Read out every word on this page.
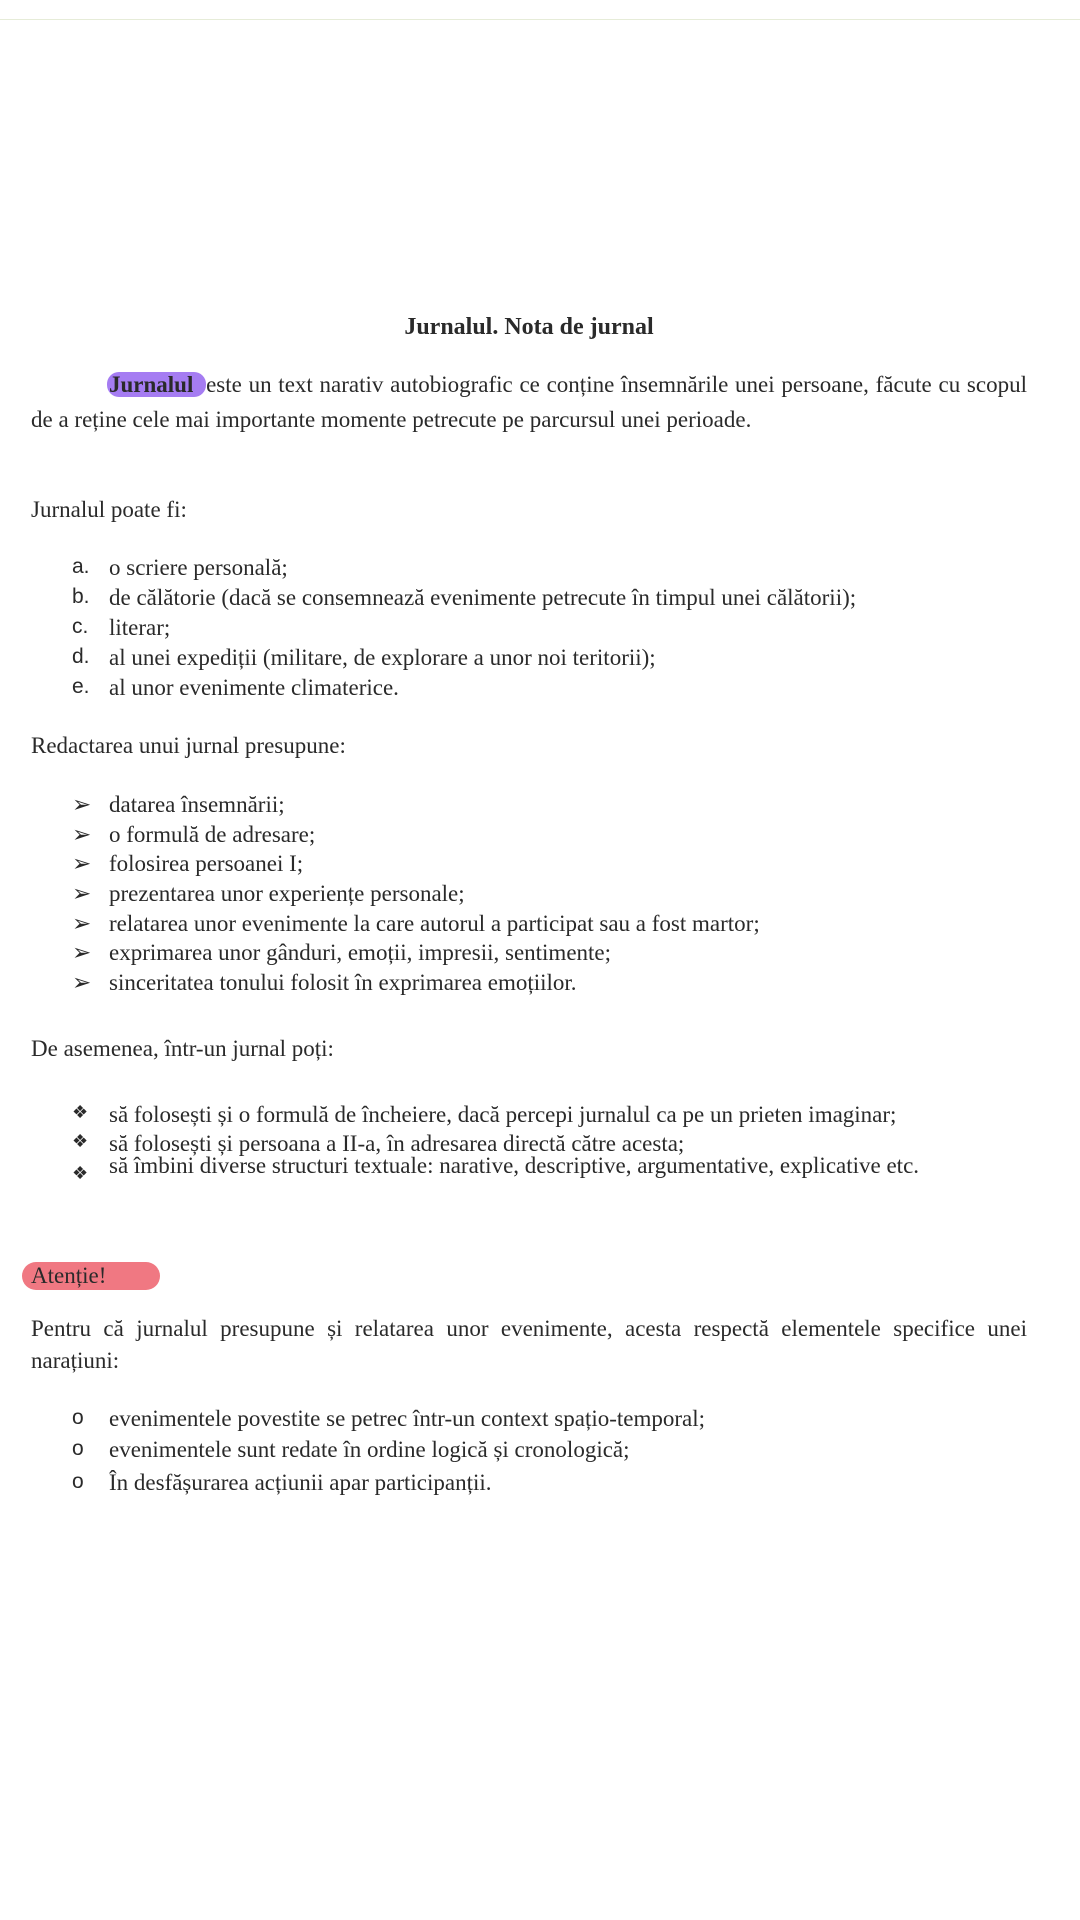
Jurnalul. Nota de jurnal
Jurnalul este un text narativ autobiografic ce conține însemnările unei persoane, făcute cu scopul de a reține cele mai importante momente petrecute pe parcursul unei perioade.
Jurnalul poate fi:
a. o scriere personală;
b. de călătorie (dacă se consemnează evenimente petrecute în timpul unei călătorii);
c. literar;
d. al unei expediții (militare, de explorare a unor noi teritorii);
e. al unor evenimente climaterice.
Redactarea unui jurnal presupune:
➢ datarea însemnării;
➢ o formulă de adresare;
➢ folosirea persoanei I;
➢ prezentarea unor experiențe personale;
➢ relatarea unor evenimente la care autorul a participat sau a fost martor;
➢ exprimarea unor gânduri, emoții, impresii, sentimente;
➢ sinceritatea tonului folosit în exprimarea emoțiilor.
De asemenea, într-un jurnal poți:
❖ să folosești și o formulă de încheiere, dacă percepi jurnalul ca pe un prieten imaginar;
❖ să folosești și persoana a II-a, în adresarea directă către acesta;
❖ să îmbini diverse structuri textuale: narative, descriptive, argumentative, explicative etc.
Atenție!
Pentru că jurnalul presupune și relatarea unor evenimente, acesta respectă elementele specifice unei narațiuni:
o evenimentele povestite se petrec într-un context spațio-temporal;
o evenimentele sunt redate în ordine logică și cronologică;
o În desfășurarea acțiunii apar participanții.
